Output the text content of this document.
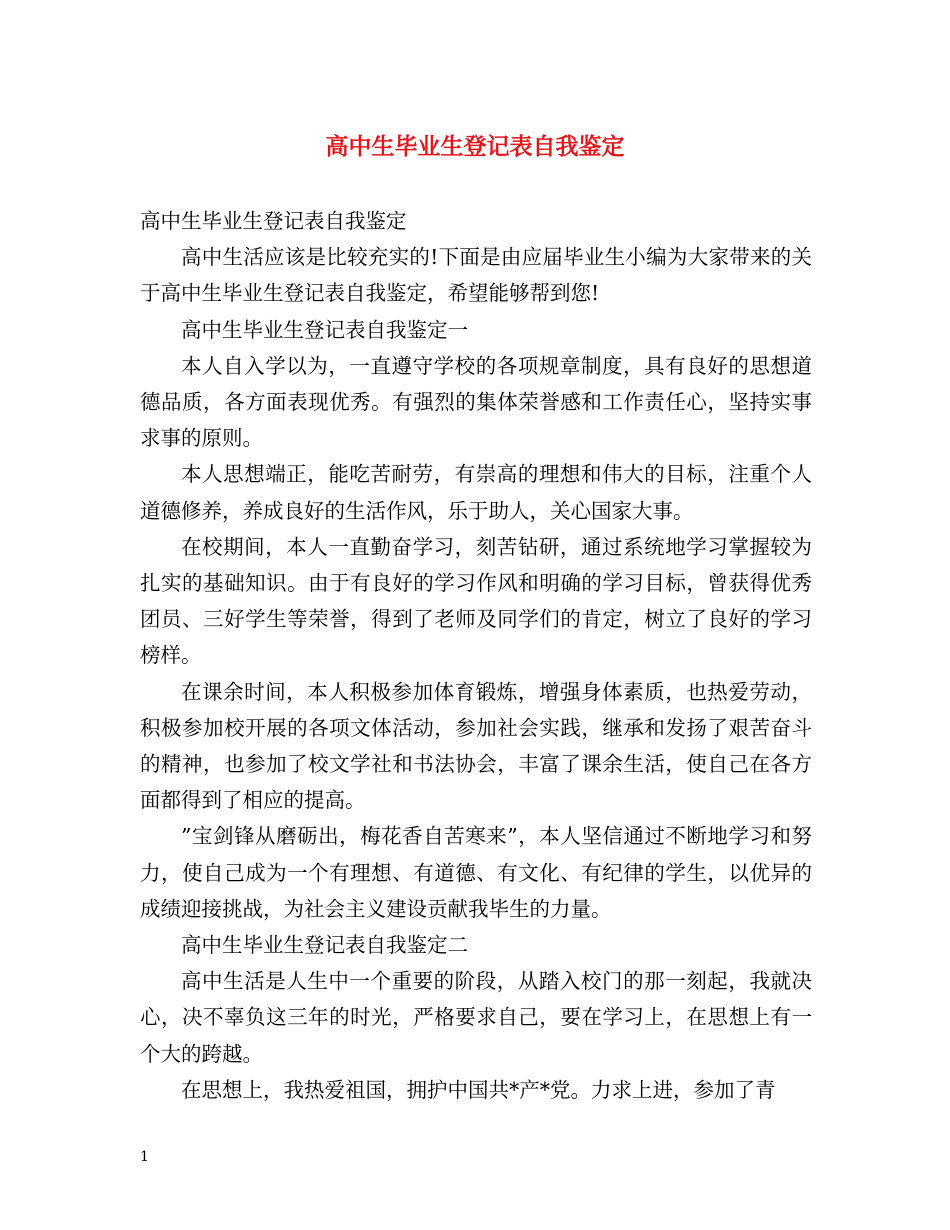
高中生毕业生登记表自我鉴定

高中生毕业生登记表自我鉴定

高中生活应该是比较充实的!下面是由应届毕业生小编为大家带来的关于高中生毕业生登记表自我鉴定，希望能够帮到您!

高中生毕业生登记表自我鉴定一

本人自入学以为，一直遵守学校的各项规章制度，具有良好的思想道 德品质，各方面表现优秀。有强烈的集体荣誉感和工作责任心，坚持实事求事的原则。

本人思想端正，能吃苦耐劳，有崇高的理想和伟大的目标，注重个人道德修养，养成良好的生活作风，乐于助人，关心国家大事。

在校期间，本人一直勤奋学习，刻苦钻研，通过系统地学习掌握较为扎实的基础知识。由于有良好的学习作风和明确的学习目标，曾获得优秀团员、三好学生等荣誉，得到了老师及同学们的肯定，树立了良好的学习榜样。

在课余时间，本人积极参加体育锻炼，增强身体素质，也热爱劳动，积极参加校开展的各项文体活动，参加社会实践，继承和发扬了艰苦奋斗的精神，也参加了校文学社和书法协会，丰富了课余生活，使自己在各方面都得到了相应的提高。

”宝剑锋从磨砺出，梅花香自苦寒来”，本人坚信通过不断地学习和努力，使自己成为一个有理想、有道德、有文化、有纪律的学生，以优异的成绩迎接挑战，为社会主义建设贡献我毕生的力量。

高中生毕业生登记表自我鉴定二

高中生活是人生中一个重要的阶段，从踏入校门的那一刻起，我就决心，决不辜负这三年的时光，严格要求自己，要在学习上，在思想上有一个大的跨越。

在思想上，我热爱祖国，拥护中国共*产*党。力求上进，参加了青

1
